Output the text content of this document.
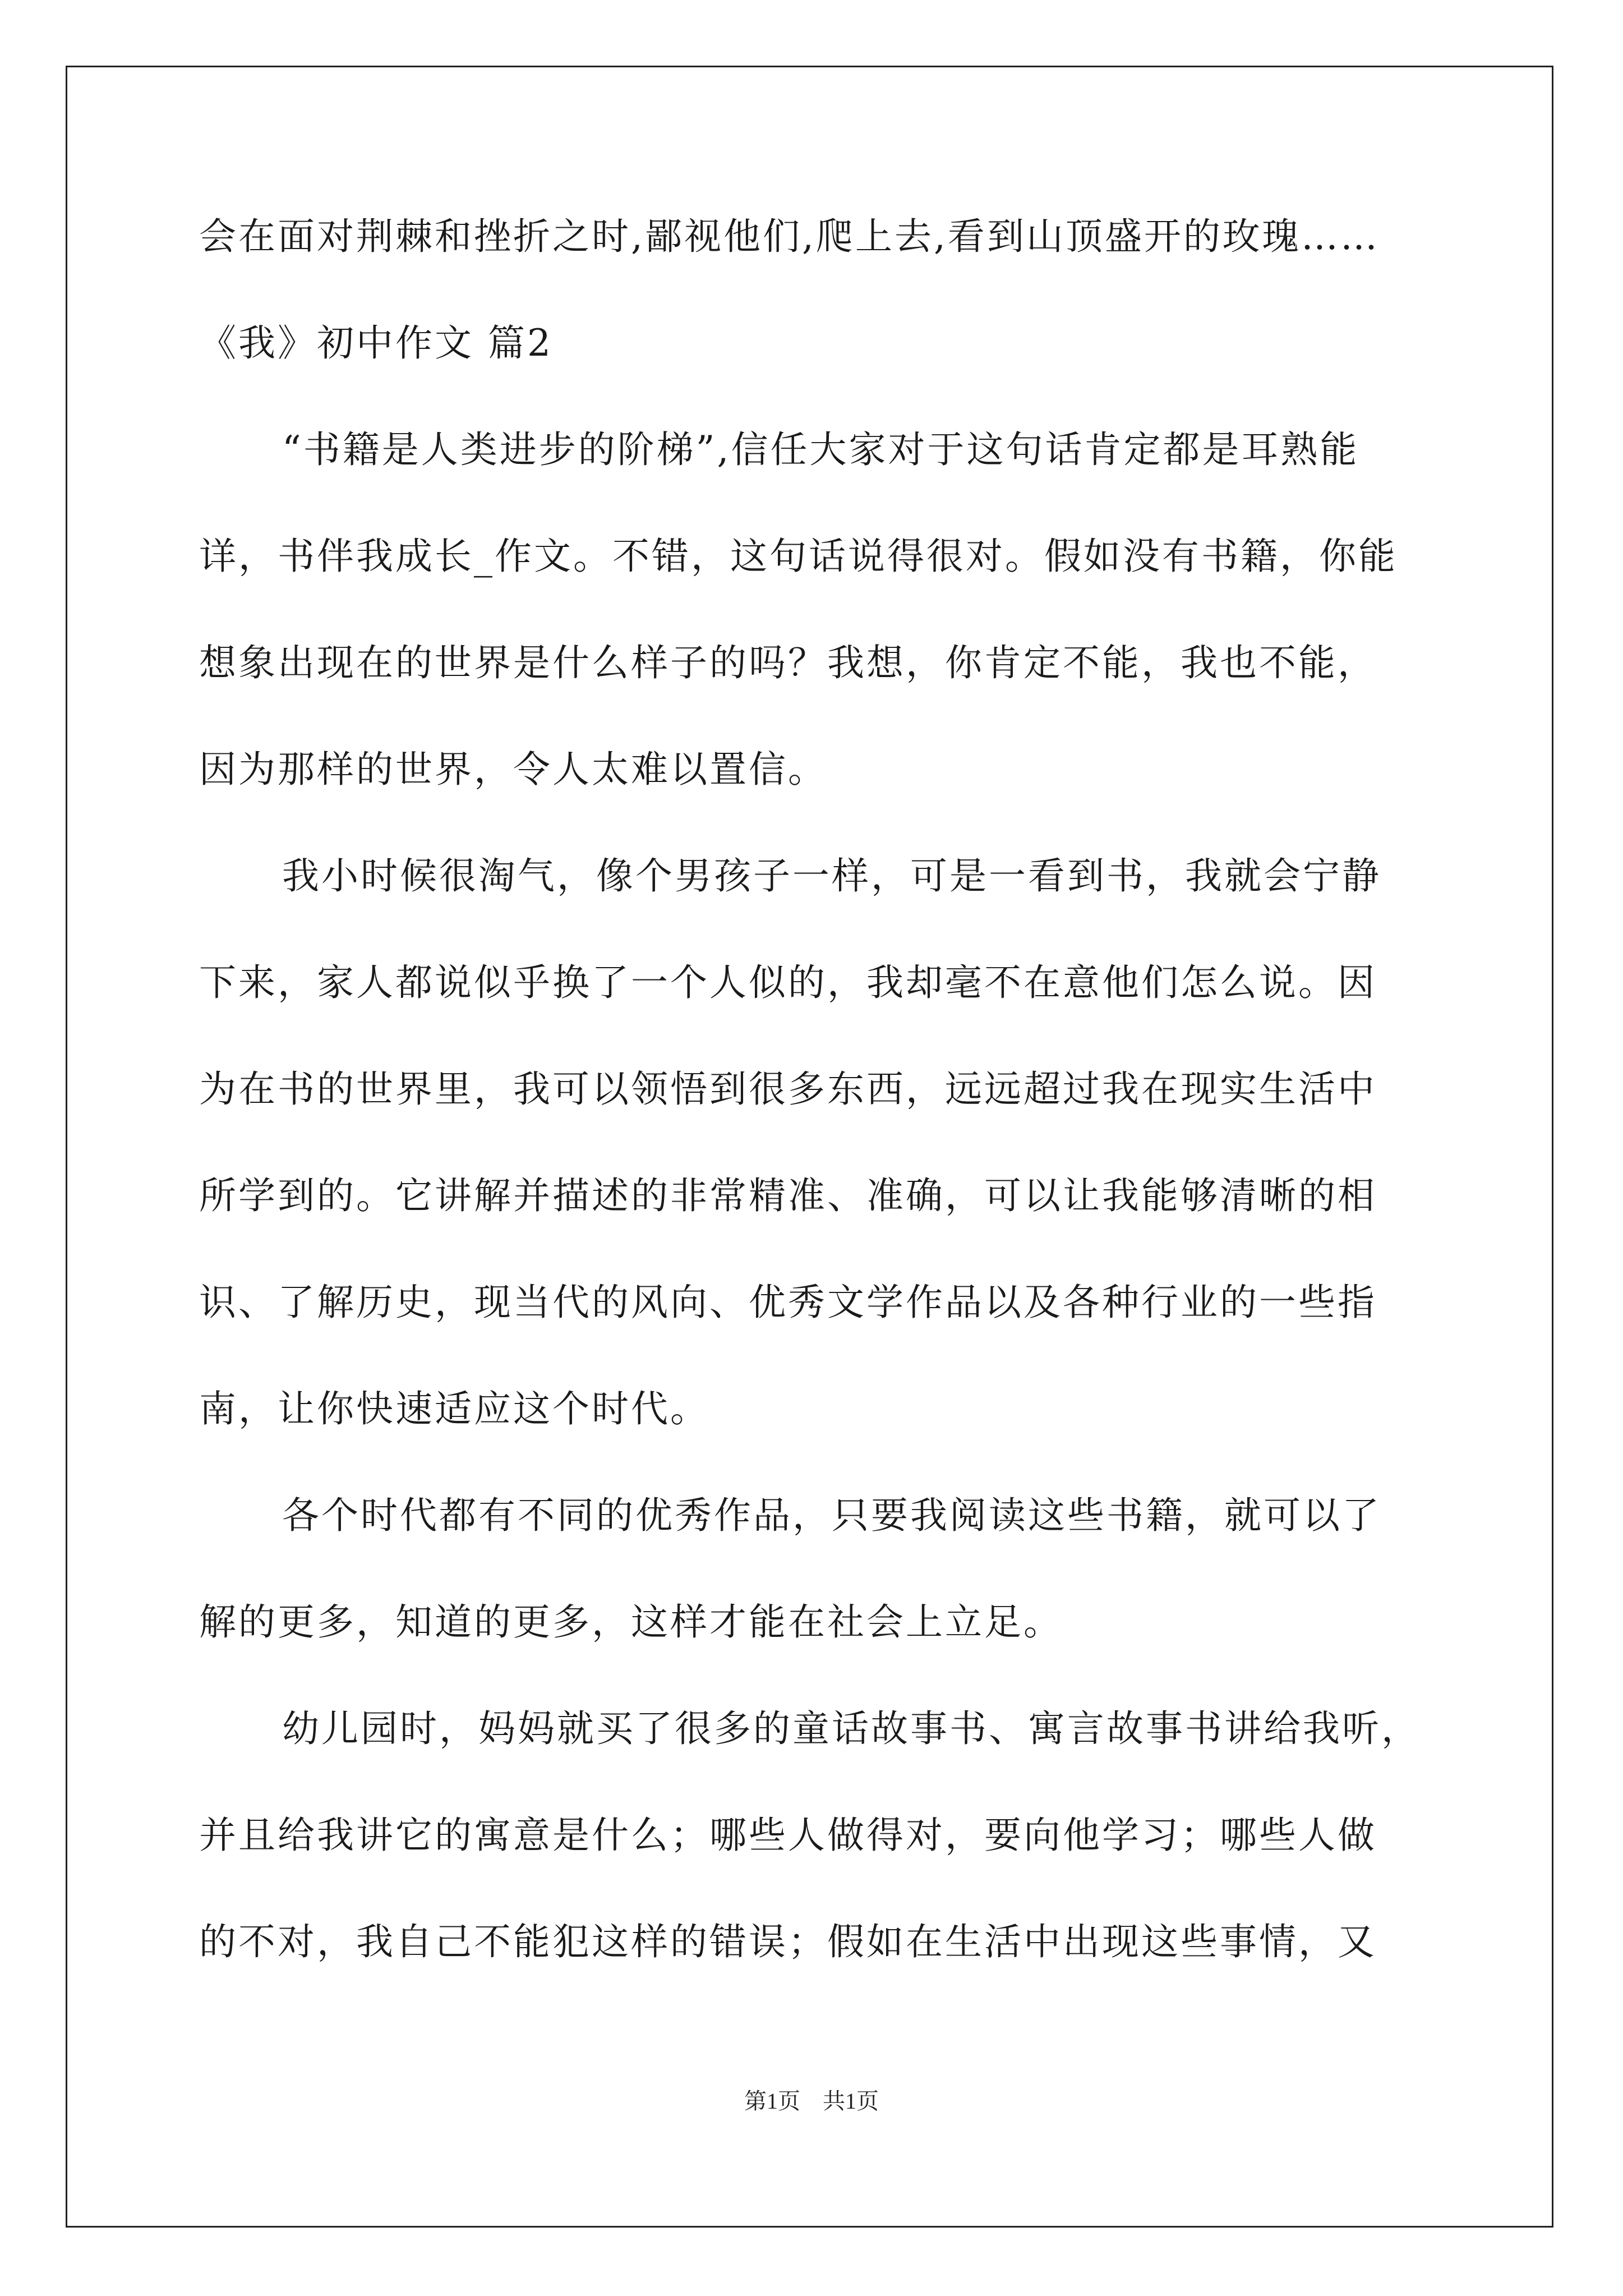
会在面对荆棘和挫折之时,鄙视他们,爬上去,看到山顶盛开的玫瑰……
《我》初中作文 篇2
“书籍是人类进步的阶梯”,信任大家对于这句话肯定都是耳熟能
详，书伴我成长_作文。不错，这句话说得很对。假如没有书籍，你能
想象出现在的世界是什么样子的吗？我想，你肯定不能，我也不能，
因为那样的世界，令人太难以置信。
我小时候很淘气，像个男孩子一样，可是一看到书，我就会宁静
下来，家人都说似乎换了一个人似的，我却毫不在意他们怎么说。因
为在书的世界里，我可以领悟到很多东西，远远超过我在现实生活中
所学到的。它讲解并描述的非常精准、准确，可以让我能够清晰的相
识、了解历史，现当代的风向、优秀文学作品以及各种行业的一些指
南，让你快速适应这个时代。
各个时代都有不同的优秀作品，只要我阅读这些书籍，就可以了
解的更多，知道的更多，这样才能在社会上立足。
幼儿园时，妈妈就买了很多的童话故事书、寓言故事书讲给我听，
并且给我讲它的寓意是什么；哪些人做得对，要向他学习；哪些人做
的不对，我自己不能犯这样的错误；假如在生活中出现这些事情，又
第1页　共1页
